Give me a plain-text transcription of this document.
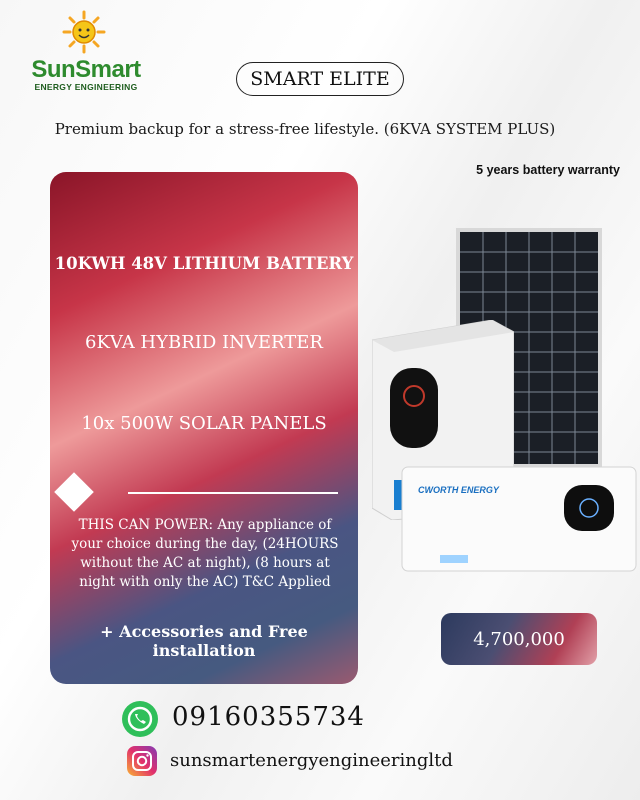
SunSmart
ENERGY ENGINEERING	SMART ELITE
Premium backup for a stress-free lifestyle. (6KVA SYSTEM PLUS)
5 years battery warranty
10KWH 48V LITHIUM BATTERY
6KVA HYBRID INVERTER
10x 500W SOLAR PANELS
THIS CAN POWER: Any appliance of your choice during the day, (24HOURS without the AC at night), (8 hours at night with only the AC) T&C Applied
+ Accessories and Free installation
CWORTH ENERGY
4,700,000
09160355734
sunsmartenergyengineeringltd
